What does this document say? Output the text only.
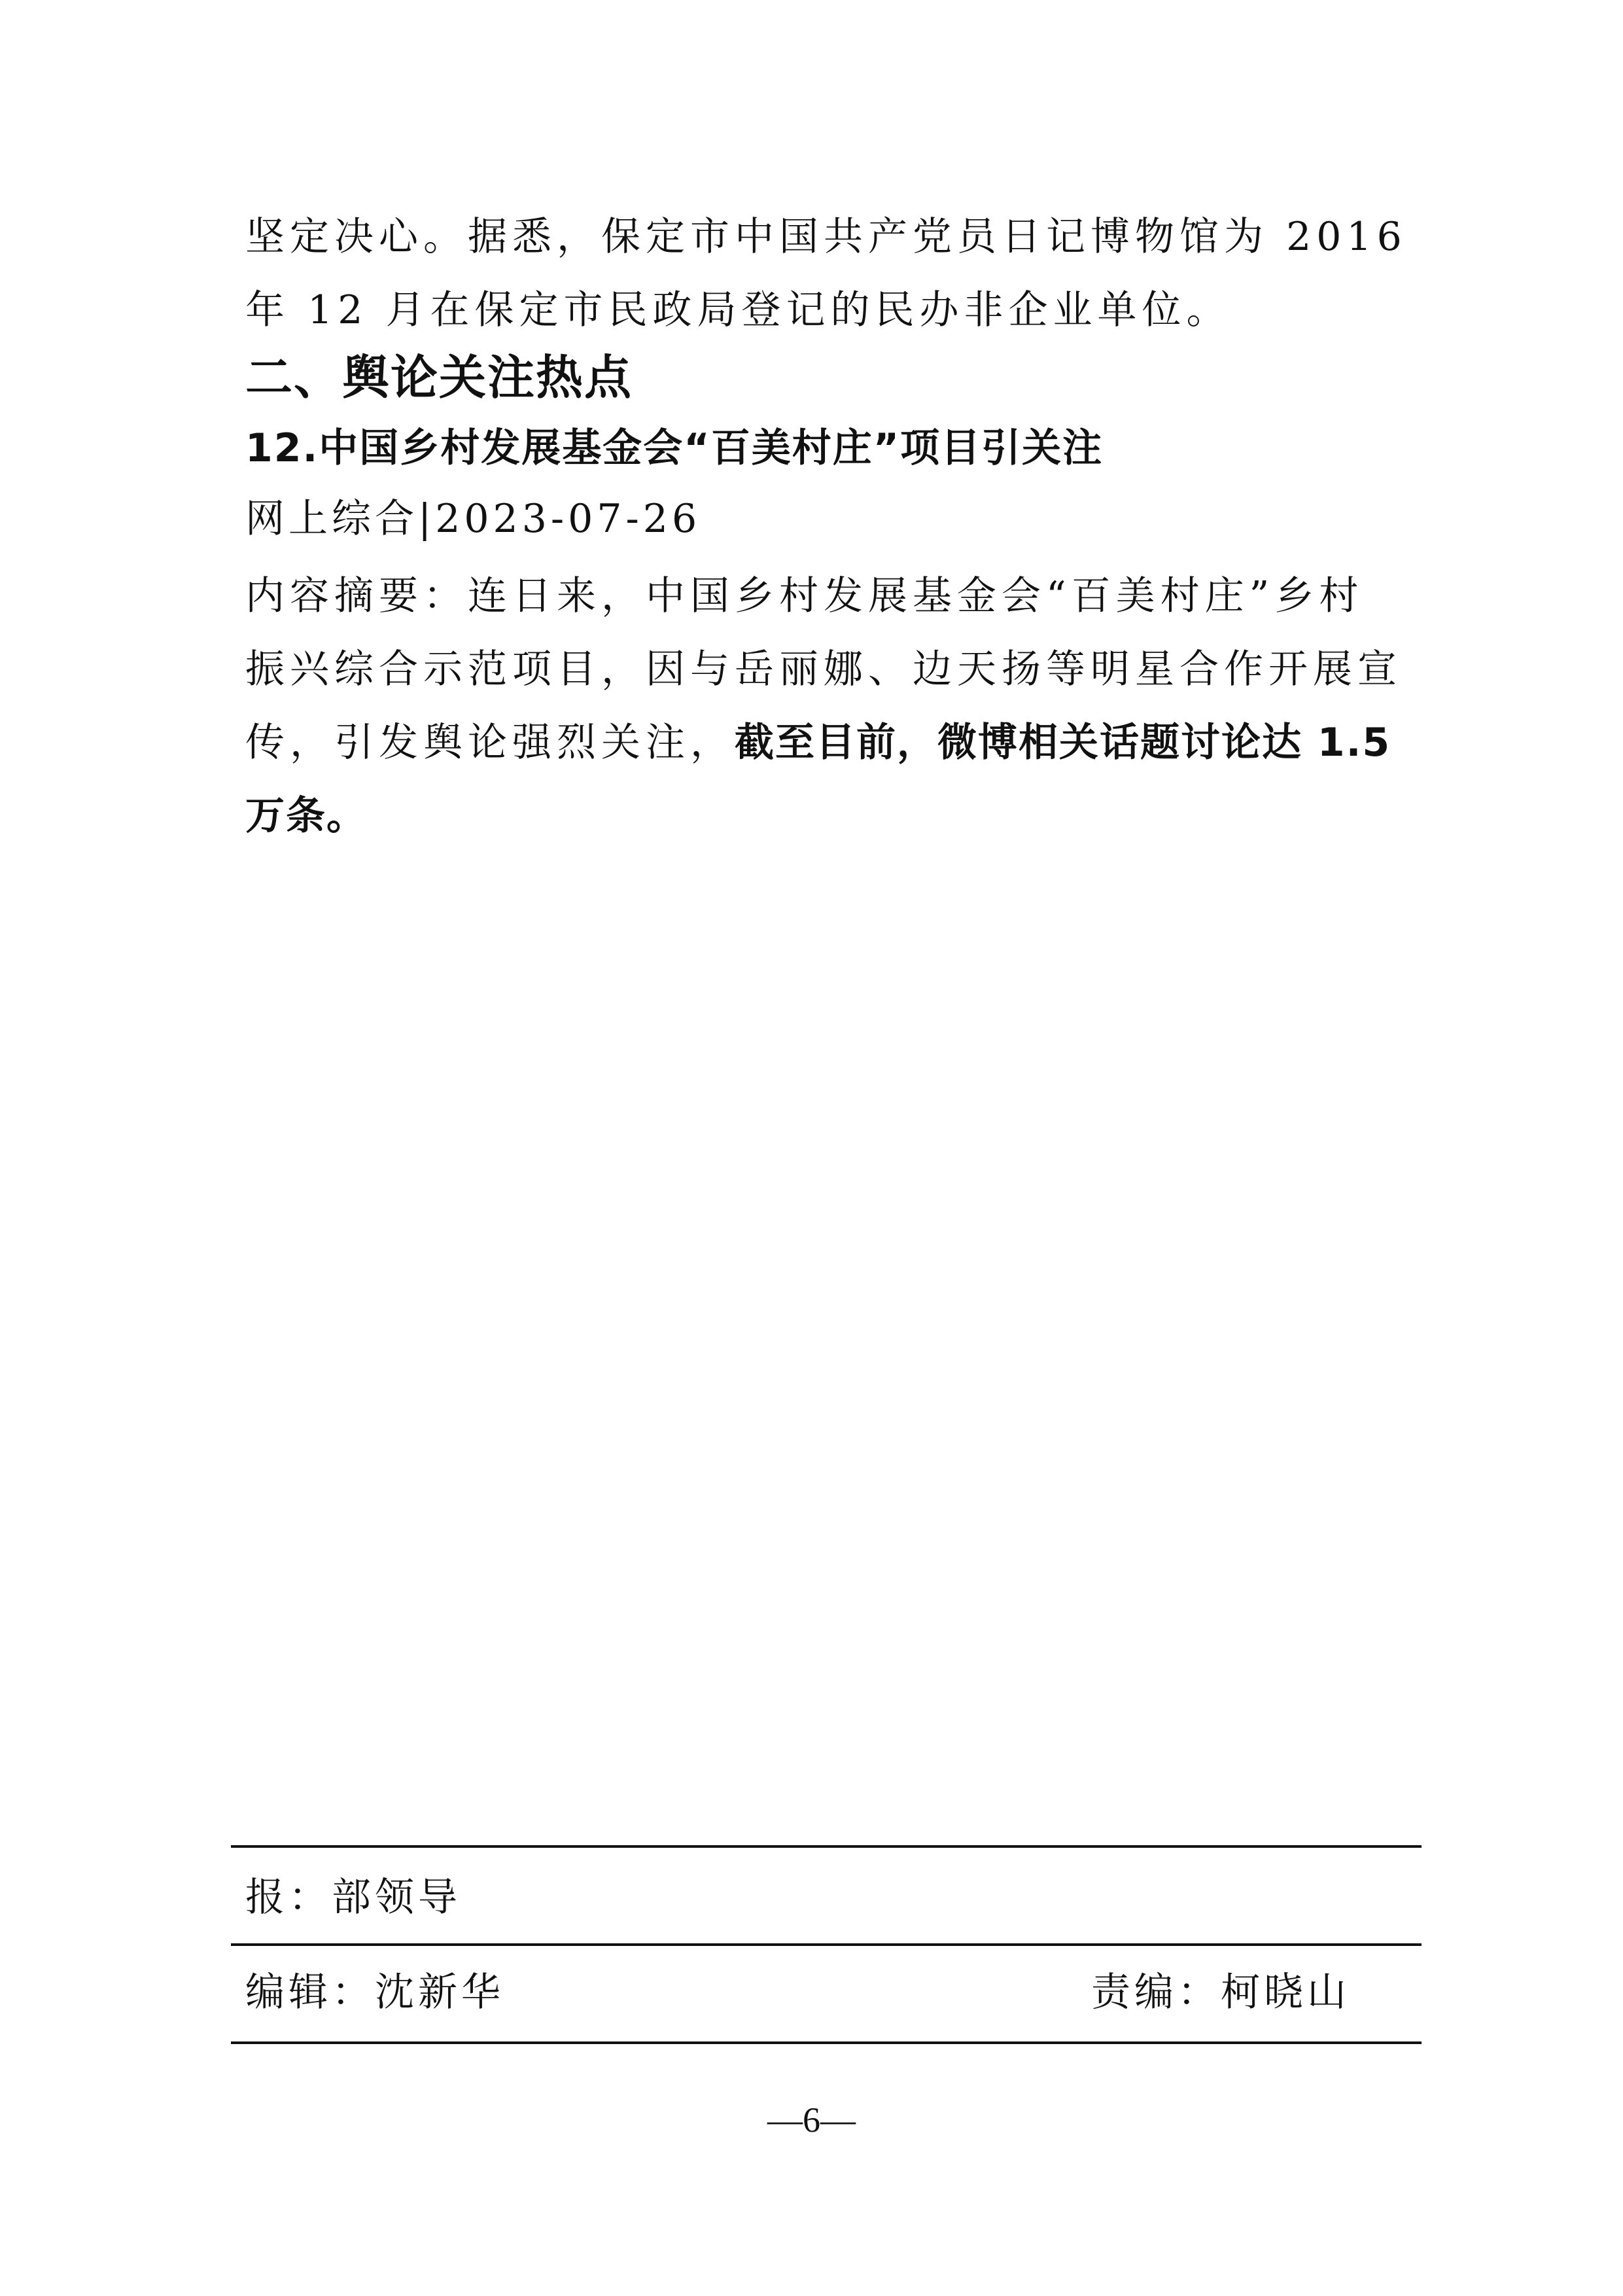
坚定决心。据悉，保定市中国共产党员日记博物馆为 2016
年 12 月在保定市民政局登记的民办非企业单位。
二、舆论关注热点
12.中国乡村发展基金会“百美村庄”项目引关注
网上综合|2023-07-26
内容摘要：连日来，中国乡村发展基金会“百美村庄”乡村
振兴综合示范项目，因与岳丽娜、边天扬等明星合作开展宣
传，引发舆论强烈关注，截至目前，微博相关话题讨论达 1.5
万条。
报：部领导
编辑：沈新华	责编：柯晓山
—6—
